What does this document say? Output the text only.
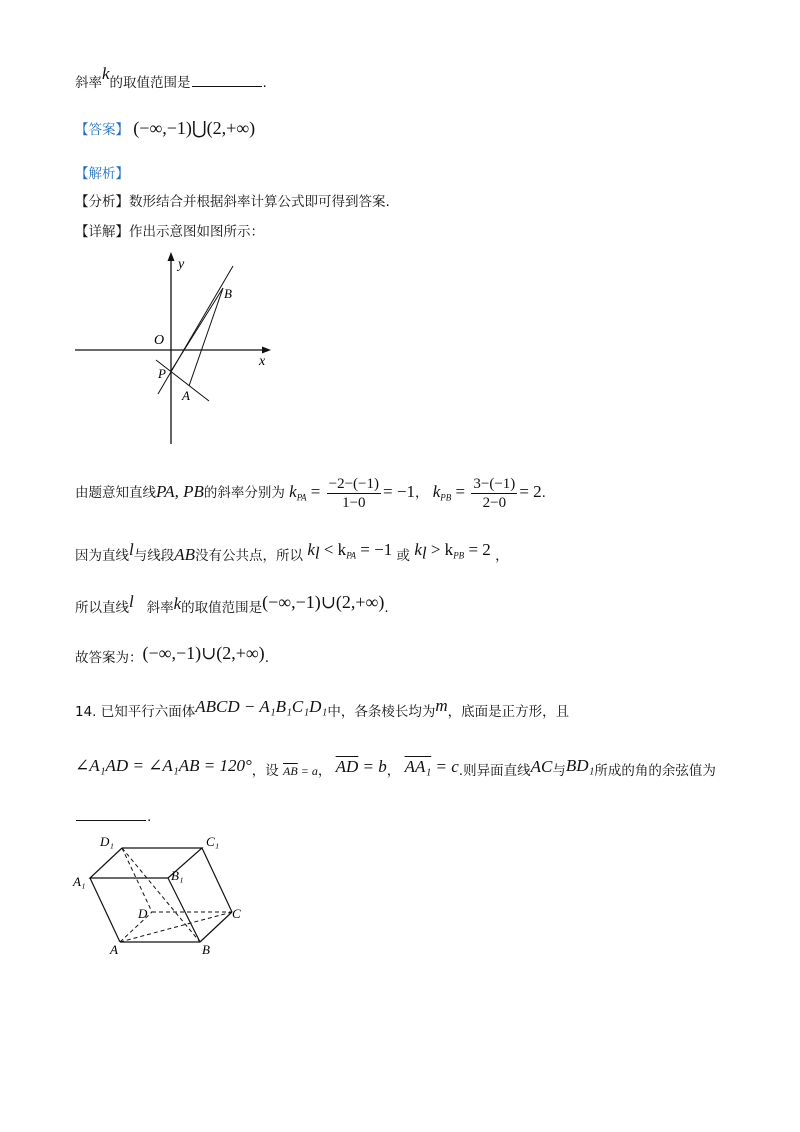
斜率k的取值范围是	.
【答案】 (−∞,−1)⋃(2,+∞)
【解析】
【分析】数形结合并根据斜率计算公式即可得到答案.
【详解】作出示意图如图所示：
y
x
O
B
P
A
由题意知直线PA, PB的斜率分别为 $k_{PA} = \frac{-2-(-1)}{1-0} = -1$， $k_{PB} = \frac{3-(-1)}{2-0} = 2$.
因为直线l与线段AB没有公共点，所以 $k_l < k_{PA} = -1$ 或 $k_l > k_{PB} = 2$ ，
所以直线l 斜率k的取值范围是(−∞,−1)∪(2,+∞).
故答案为：(−∞,−1)∪(2,+∞).
14. 已知平行六面体ABCD − A₁B₁C₁D₁中，各条棱长均为m，底面是正方形，且
∠A₁AD = ∠A₁AB = 120°，设 $\overline{AB} = a$， $\overline{AD} = b$， AA₁ = c.则异面直线AC与BD₁所成的角的余弦值为
.
D₁	C₁
A₁	B₁
D	C
A	B
